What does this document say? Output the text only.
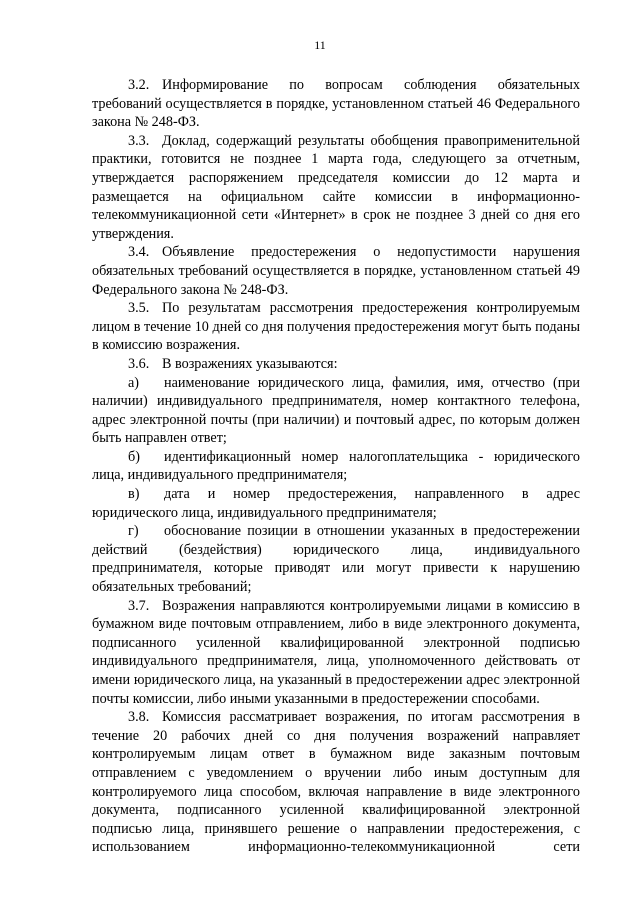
11

3.2. Информирование по вопросам соблюдения обязательных требований осуществляется в порядке, установленном статьей 46 Федерального закона № 248-ФЗ.

3.3. Доклад, содержащий результаты обобщения правоприменительной практики, готовится не позднее 1 марта года, следующего за отчетным, утверждается распоряжением председателя комиссии до 12 марта и размещается на официальном сайте комиссии в информационно-телекоммуникационной сети «Интернет» в срок не позднее 3 дней со дня его утверждения.

3.4. Объявление предостережения о недопустимости нарушения обязательных требований осуществляется в порядке, установленном статьей 49 Федерального закона № 248-ФЗ.

3.5. По результатам рассмотрения предостережения контролируемым лицом в течение 10 дней со дня получения предостережения могут быть поданы в комиссию возражения.

3.6. В возражениях указываются:

а) наименование юридического лица, фамилия, имя, отчество (при наличии) индивидуального предпринимателя, номер контактного телефона, адрес электронной почты (при наличии) и почтовый адрес, по которым должен быть направлен ответ;

б) идентификационный номер налогоплательщика - юридического лица, индивидуального предпринимателя;

в) дата и номер предостережения, направленного в адрес юридического лица, индивидуального предпринимателя;

г) обоснование позиции в отношении указанных в предостережении действий (бездействия) юридического лица, индивидуального предпринимателя, которые приводят или могут привести к нарушению обязательных требований;

3.7. Возражения направляются контролируемыми лицами в комиссию в бумажном виде почтовым отправлением, либо в виде электронного документа, подписанного усиленной квалифицированной электронной подписью индивидуального предпринимателя, лица, уполномоченного действовать от имени юридического лица, на указанный в предостережении адрес электронной почты комиссии, либо иными указанными в предостережении способами.

3.8. Комиссия рассматривает возражения, по итогам рассмотрения в течение 20 рабочих дней со дня получения возражений направляет контролируемым лицам ответ в бумажном виде заказным почтовым отправлением с уведомлением о вручении либо иным доступным для контролируемого лица способом, включая направление в виде электронного документа, подписанного усиленной квалифицированной электронной подписью лица, принявшего решение о направлении предостережения, с использованием информационно-телекоммуникационной сети
